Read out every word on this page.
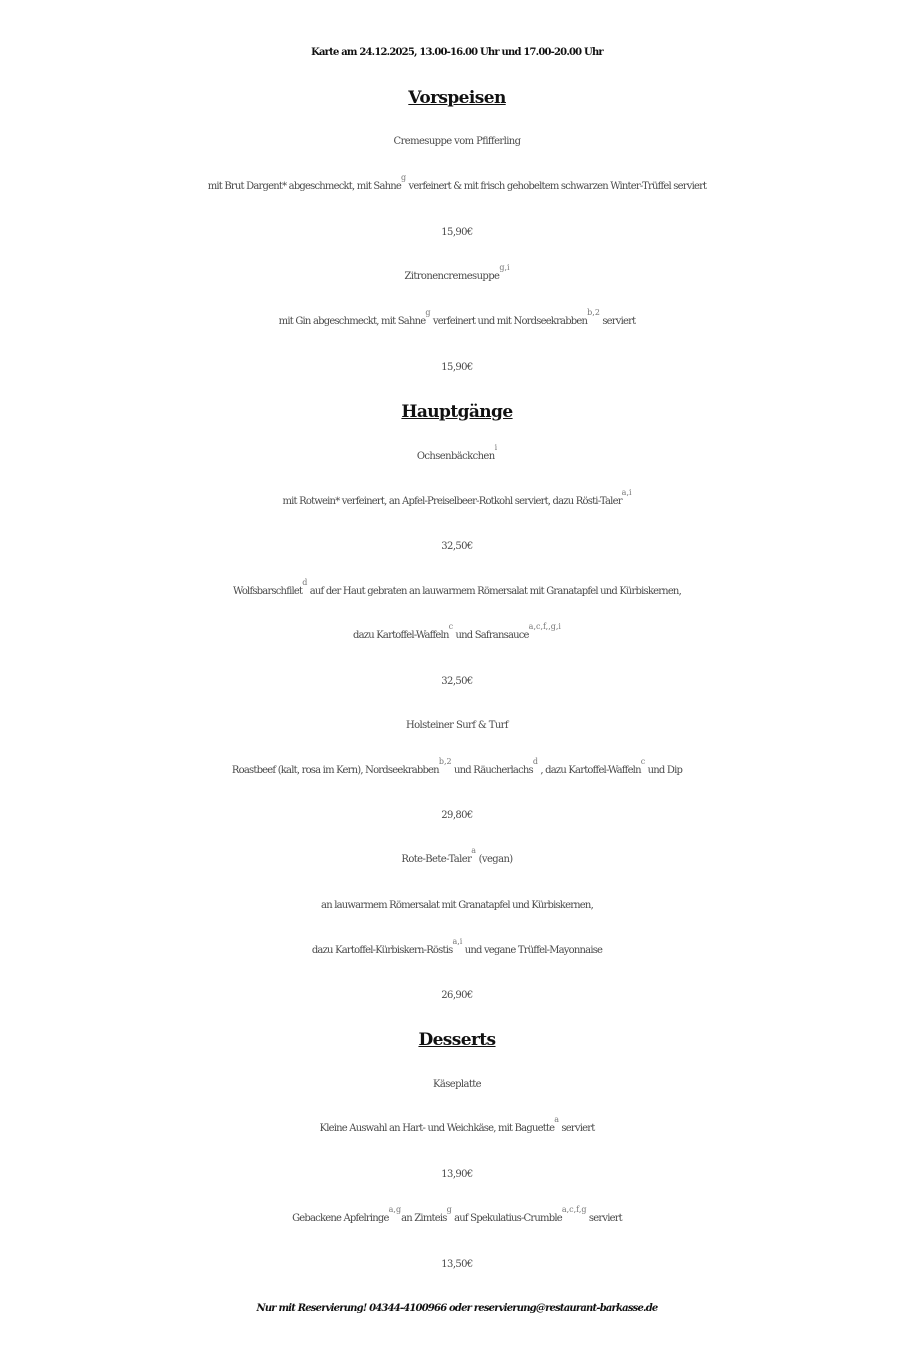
Karte am 24.12.2025, 13.00-16.00 Uhr und 17.00-20.00 Uhr
Vorspeisen
Cremesuppe vom Pfifferling
mit Brut Dargent* abgeschmeckt, mit Sahne$^g$ verfeinert & mit frisch gehobeltem schwarzen Winter-Trüffel serviert
15,90€
Zitronencremesuppe$^{g,i}$
mit Gin abgeschmeckt, mit Sahne$^g$ verfeinert und mit Nordseekrabben$^{b,2}$ serviert
15,90€
Hauptgänge
Ochsenbäckchen$^i$
mit Rotwein* verfeinert, an Apfel-Preiselbeer-Rotkohl serviert, dazu Rösti-Taler$^{a,i}$
32,50€
Wolfsbarschfilet$^d$ auf der Haut gebraten an lauwarmem Römersalat mit Granatapfel und Kürbiskernen,
dazu Kartoffel-Waffeln$^c$ und Safransauce$^{a,c,f,,g,i}$
32,50€
Holsteiner Surf & Turf
Roastbeef (kalt, rosa im Kern), Nordseekrabben$^{b,2}$ und Räucherlachs$^d$ , dazu Kartoffel-Waffeln$^c$ und Dip
29,80€
Rote-Bete-Taler$^a$ (vegan)
an lauwarmem Römersalat mit Granatapfel und Kürbiskernen,
dazu Kartoffel-Kürbiskern-Röstis$^{a,i}$ und vegane Trüffel-Mayonnaise
26,90€
Desserts
Käseplatte
Kleine Auswahl an Hart- und Weichkäse, mit Baguette$^a$ serviert
13,90€
Gebackene Apfelringe$^{a,g}$an Zimteis$^g$ auf Spekulatius-Crumble$^{a,c,f,g}$ serviert
13,50€
Nur mit Reservierung! 04344-4100966 oder reservierung@restaurant-barkasse.de
